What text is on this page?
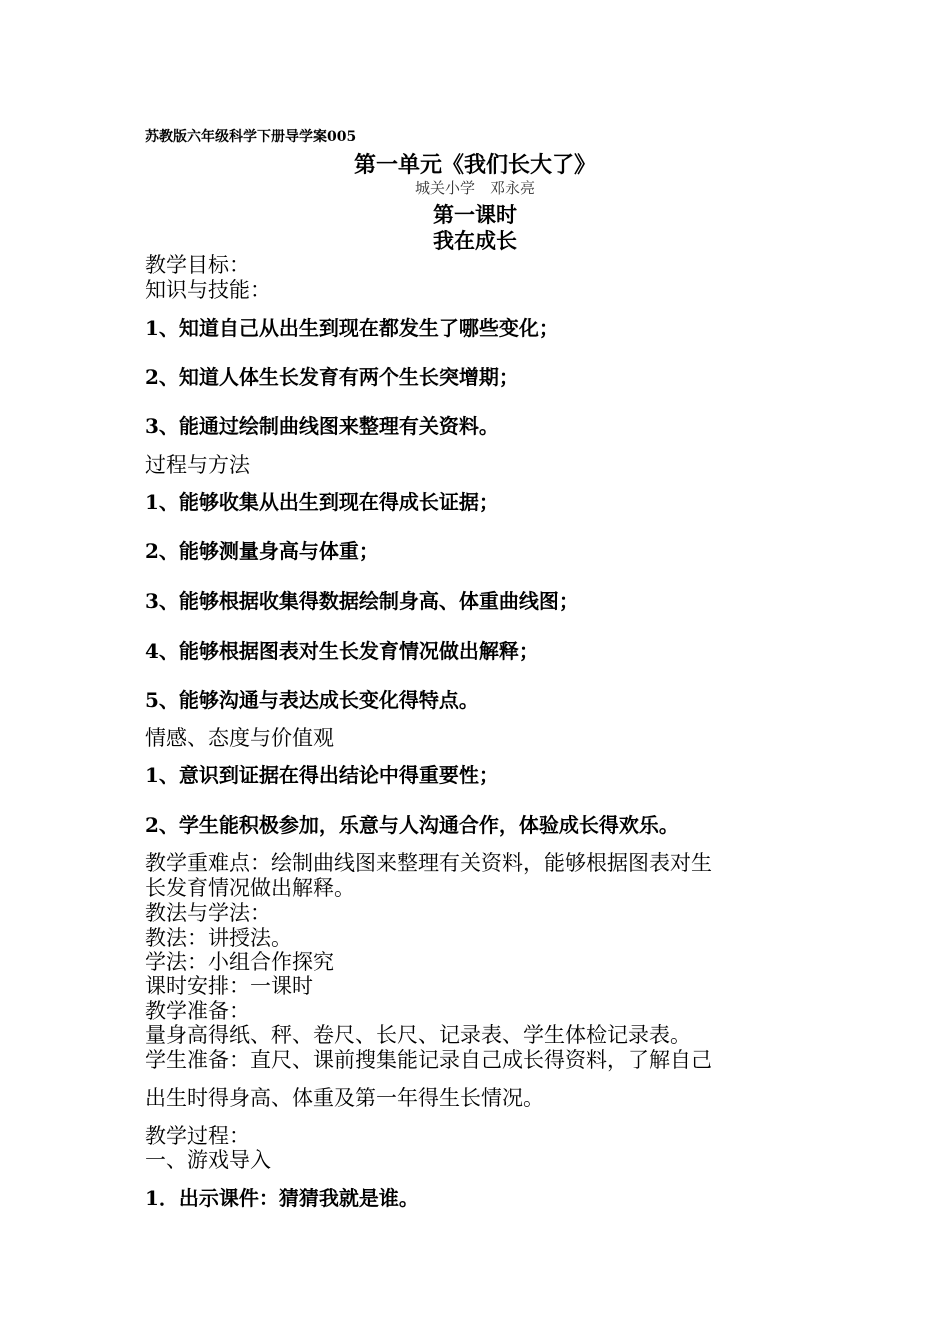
苏教版六年级科学下册导学案005

第一单元《我们长大了》

城关小学　邓永亮

第一课时

我在成长

教学目标：

知识与技能：

1、知道自己从出生到现在都发生了哪些变化；

2、知道人体生长发育有两个生长突增期；

3、能通过绘制曲线图来整理有关资料。

过程与方法

1、能够收集从出生到现在得成长证据；

2、能够测量身高与体重；

3、能够根据收集得数据绘制身高、体重曲线图；

4、能够根据图表对生长发育情况做出解释；

5、能够沟通与表达成长变化得特点。

情感、态度与价值观

1、意识到证据在得出结论中得重要性；

2、学生能积极参加，乐意与人沟通合作，体验成长得欢乐。

教学重难点：绘制曲线图来整理有关资料，能够根据图表对生

长发育情况做出解释。

教法与学法：

教法：讲授法。

学法：小组合作探究

课时安排：一课时

教学准备：

量身高得纸、秤、卷尺、长尺、记录表、学生体检记录表。

学生准备：直尺、课前搜集能记录自己成长得资料，了解自己

出生时得身高、体重及第一年得生长情况。

教学过程：

一、游戏导入

1．出示课件：猜猜我就是谁。
